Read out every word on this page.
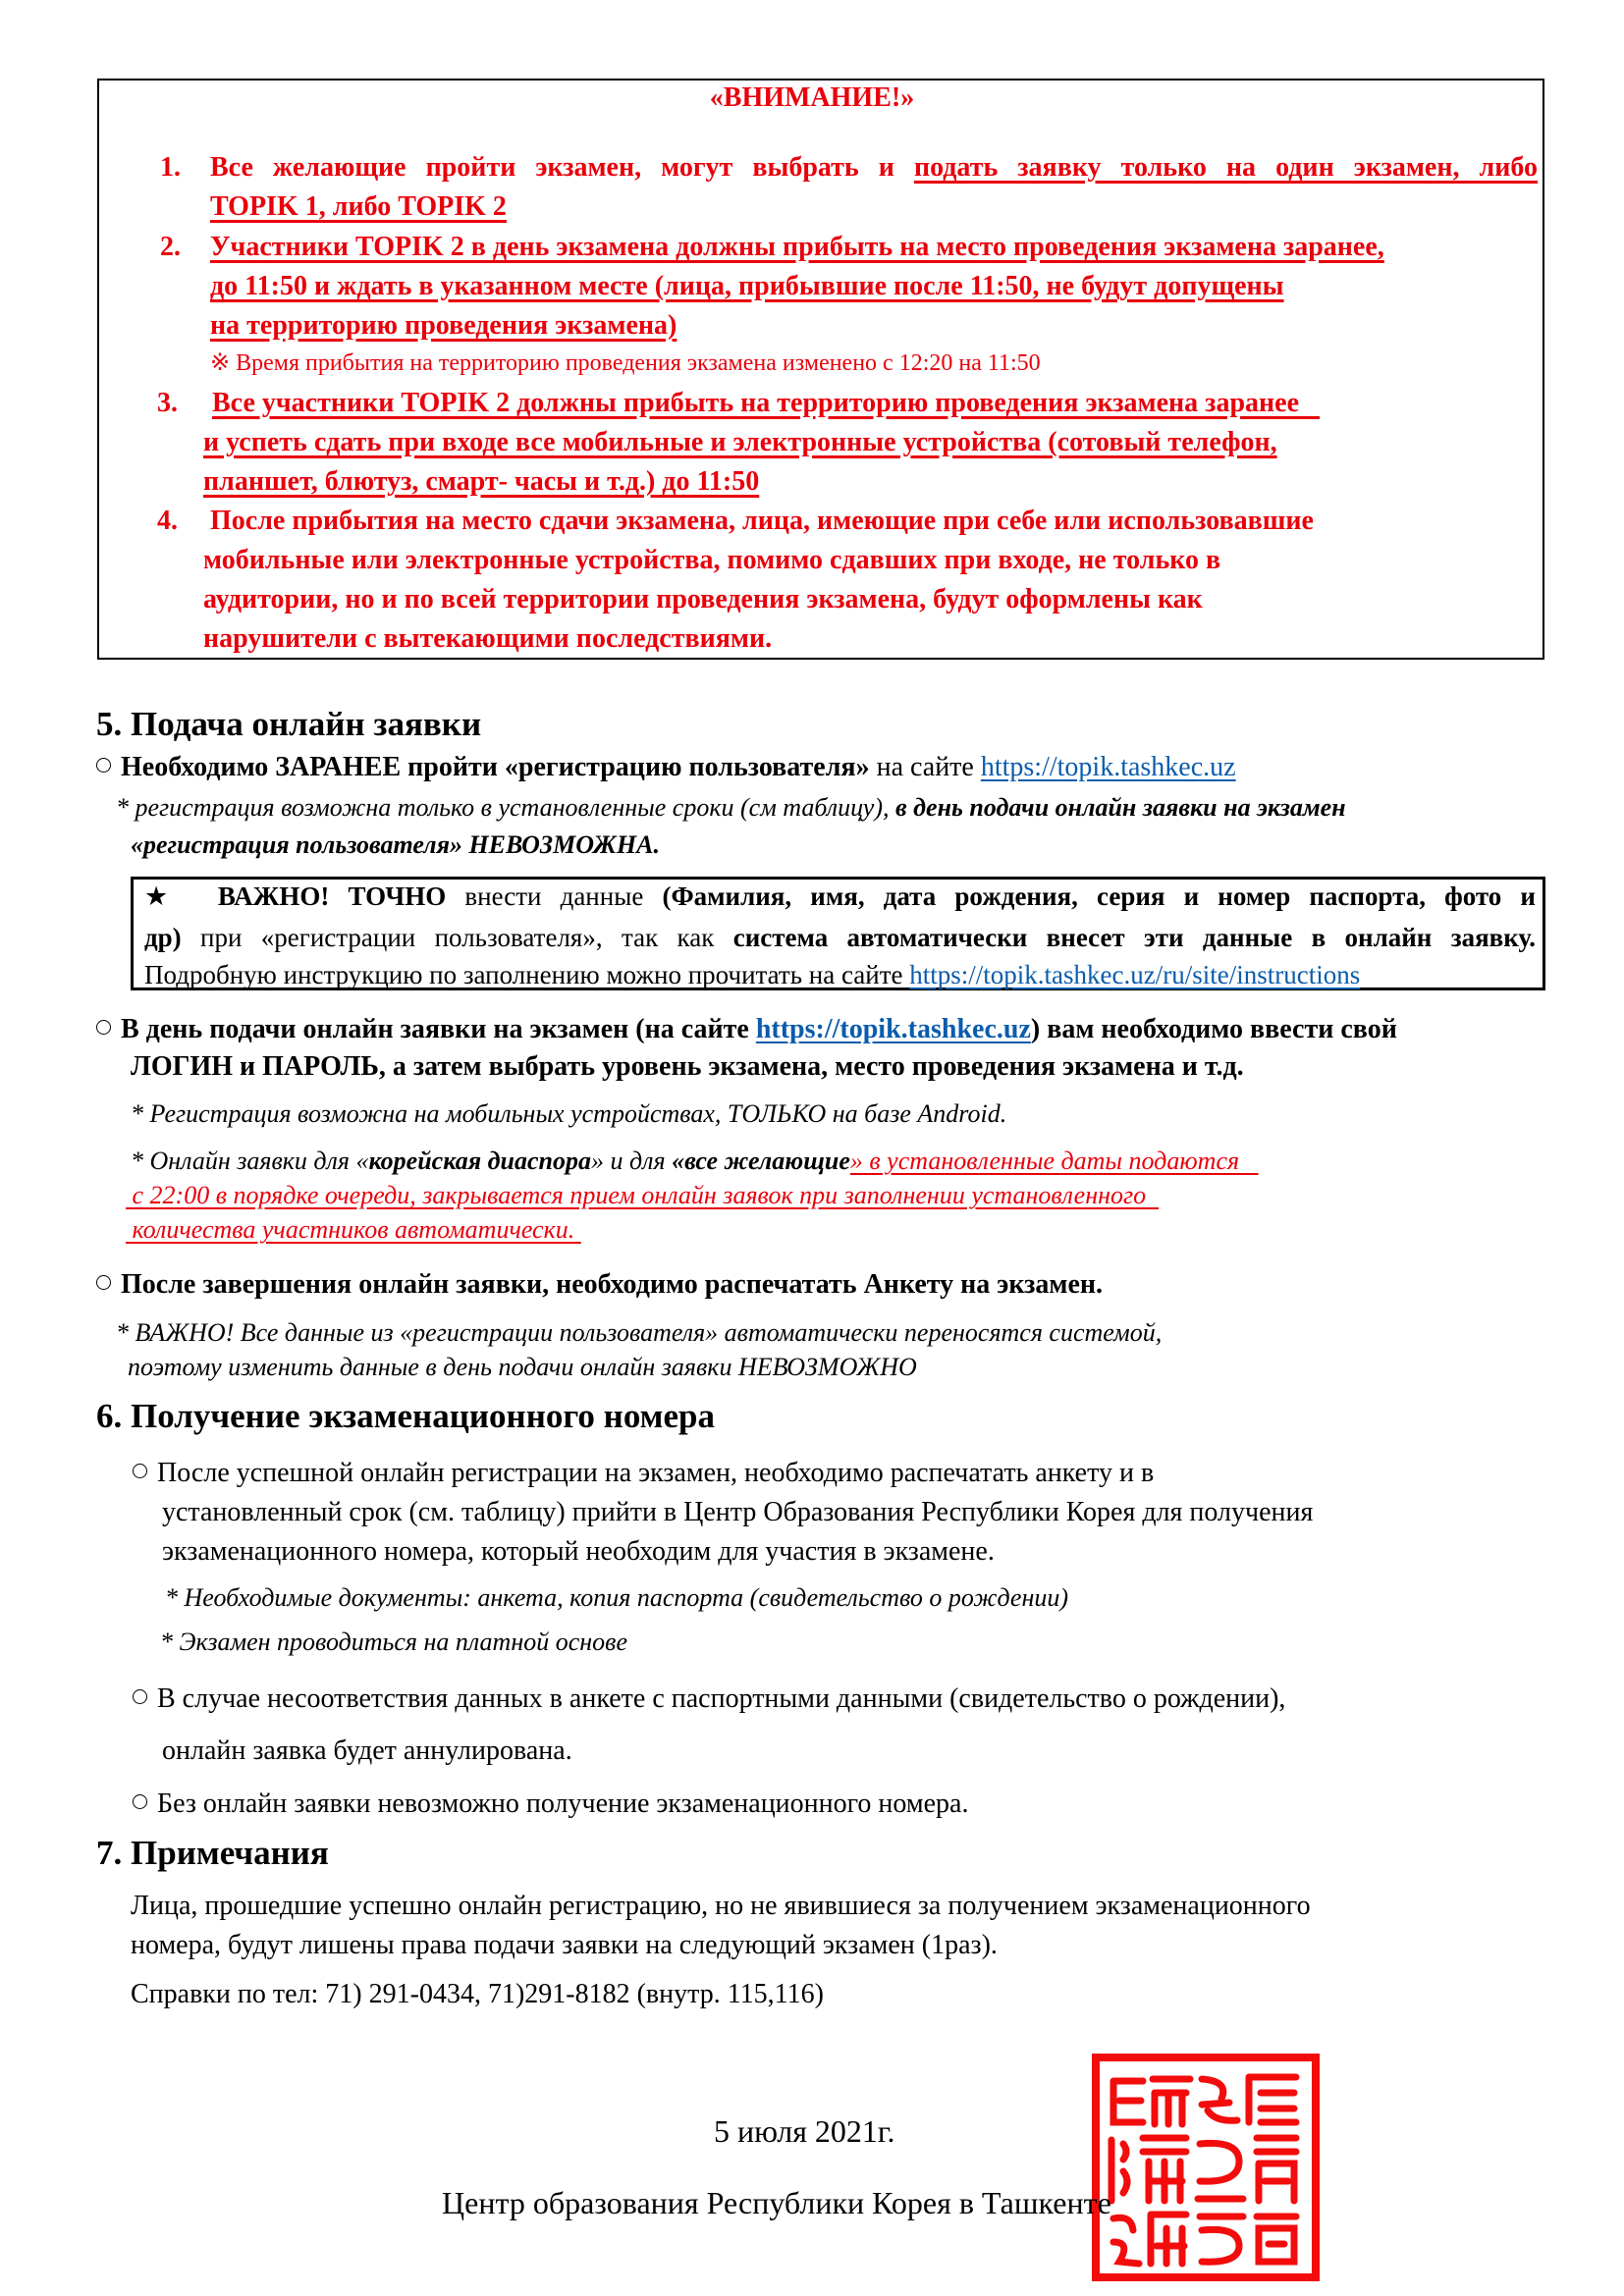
«ВНИМАНИЕ!»
1. Все желающие пройти экзамен, могут выбрать и подать заявку только на один экзамен, либо
TOPIK 1, либо TOPIK 2
2. Участники TOPIK 2 в день экзамена должны прибыть на место проведения экзамена заранее,
до 11:50 и ждать в указанном месте (лица, прибывшие после 11:50, не будут допущены
на территорию проведения экзамена)
※ Время прибытия на территорию проведения экзамена изменено с 12:20 на 11:50
3. Все участники TOPIK 2 должны прибыть на территорию проведения экзамена заранее
и успеть сдать при входе все мобильные и электронные устройства (сотовый телефон,
планшет, блютуз, смарт- часы и т.д.) до 11:50
4. После прибытия на место сдачи экзамена, лица, имеющие при себе или использовавшие
мобильные или электронные устройства, помимо сдавших при входе, не только в
аудитории, но и по всей территории проведения экзамена, будут оформлены как
нарушители с вытекающими последствиями.
5. Подача онлайн заявки
Необходимо ЗАРАНЕЕ пройти «регистрацию пользователя» на сайте https://topik.tashkec.uz
* регистрация возможна только в установленные сроки (см таблицу), в день подачи онлайн заявки на экзамен
«регистрация пользователя» НЕВОЗМОЖНА.
★ ВАЖНО! ТОЧНО внести данные (Фамилия, имя, дата рождения, серия и номер паспорта, фото и
др) при «регистрации пользователя», так как система автоматически внесет эти данные в онлайн заявку.
Подробную инструкцию по заполнению можно прочитать на сайте https://topik.tashkec.uz/ru/site/instructions
В день подачи онлайн заявки на экзамен (на сайте https://topik.tashkec.uz) вам необходимо ввести свой
ЛОГИН и ПАРОЛЬ, а затем выбрать уровень экзамена, место проведения экзамена и т.д.
* Регистрация возможна на мобильных устройствах, ТОЛЬКО на базе Android.
* Онлайн заявки для «корейская диаспора» и для «все желающие» в установленные даты подаются
с 22:00 в порядке очереди, закрывается прием онлайн заявок при заполнении установленного
количества участников автоматически.
После завершения онлайн заявки, необходимо распечатать Анкету на экзамен.
* ВАЖНО! Все данные из «регистрации пользователя» автоматически переносятся системой,
поэтому изменить данные в день подачи онлайн заявки НЕВОЗМОЖНО
6. Получение экзаменационного номера
После успешной онлайн регистрации на экзамен, необходимо распечатать анкету и в
установленный срок (см. таблицу) прийти в Центр Образования Республики Корея для получения
экзаменационного номера, который необходим для участия в экзамене.
* Необходимые документы: анкета, копия паспорта (свидетельство о рождении)
* Экзамен проводиться на платной основе
В случае несоответствия данных в анкете с паспортными данными (свидетельство о рождении),
онлайн заявка будет аннулирована.
Без онлайн заявки невозможно получение экзаменационного номера.
7. Примечания
Лица, прошедшие успешно онлайн регистрацию, но не явившиеся за получением экзаменационного
номера, будут лишены права подачи заявки на следующий экзамен (1раз).
Справки по тел: 71) 291-0434, 71)291-8182 (внутр. 115,116)
5 июля 2021г.
Центр образования Республики Корея в Ташкенте
